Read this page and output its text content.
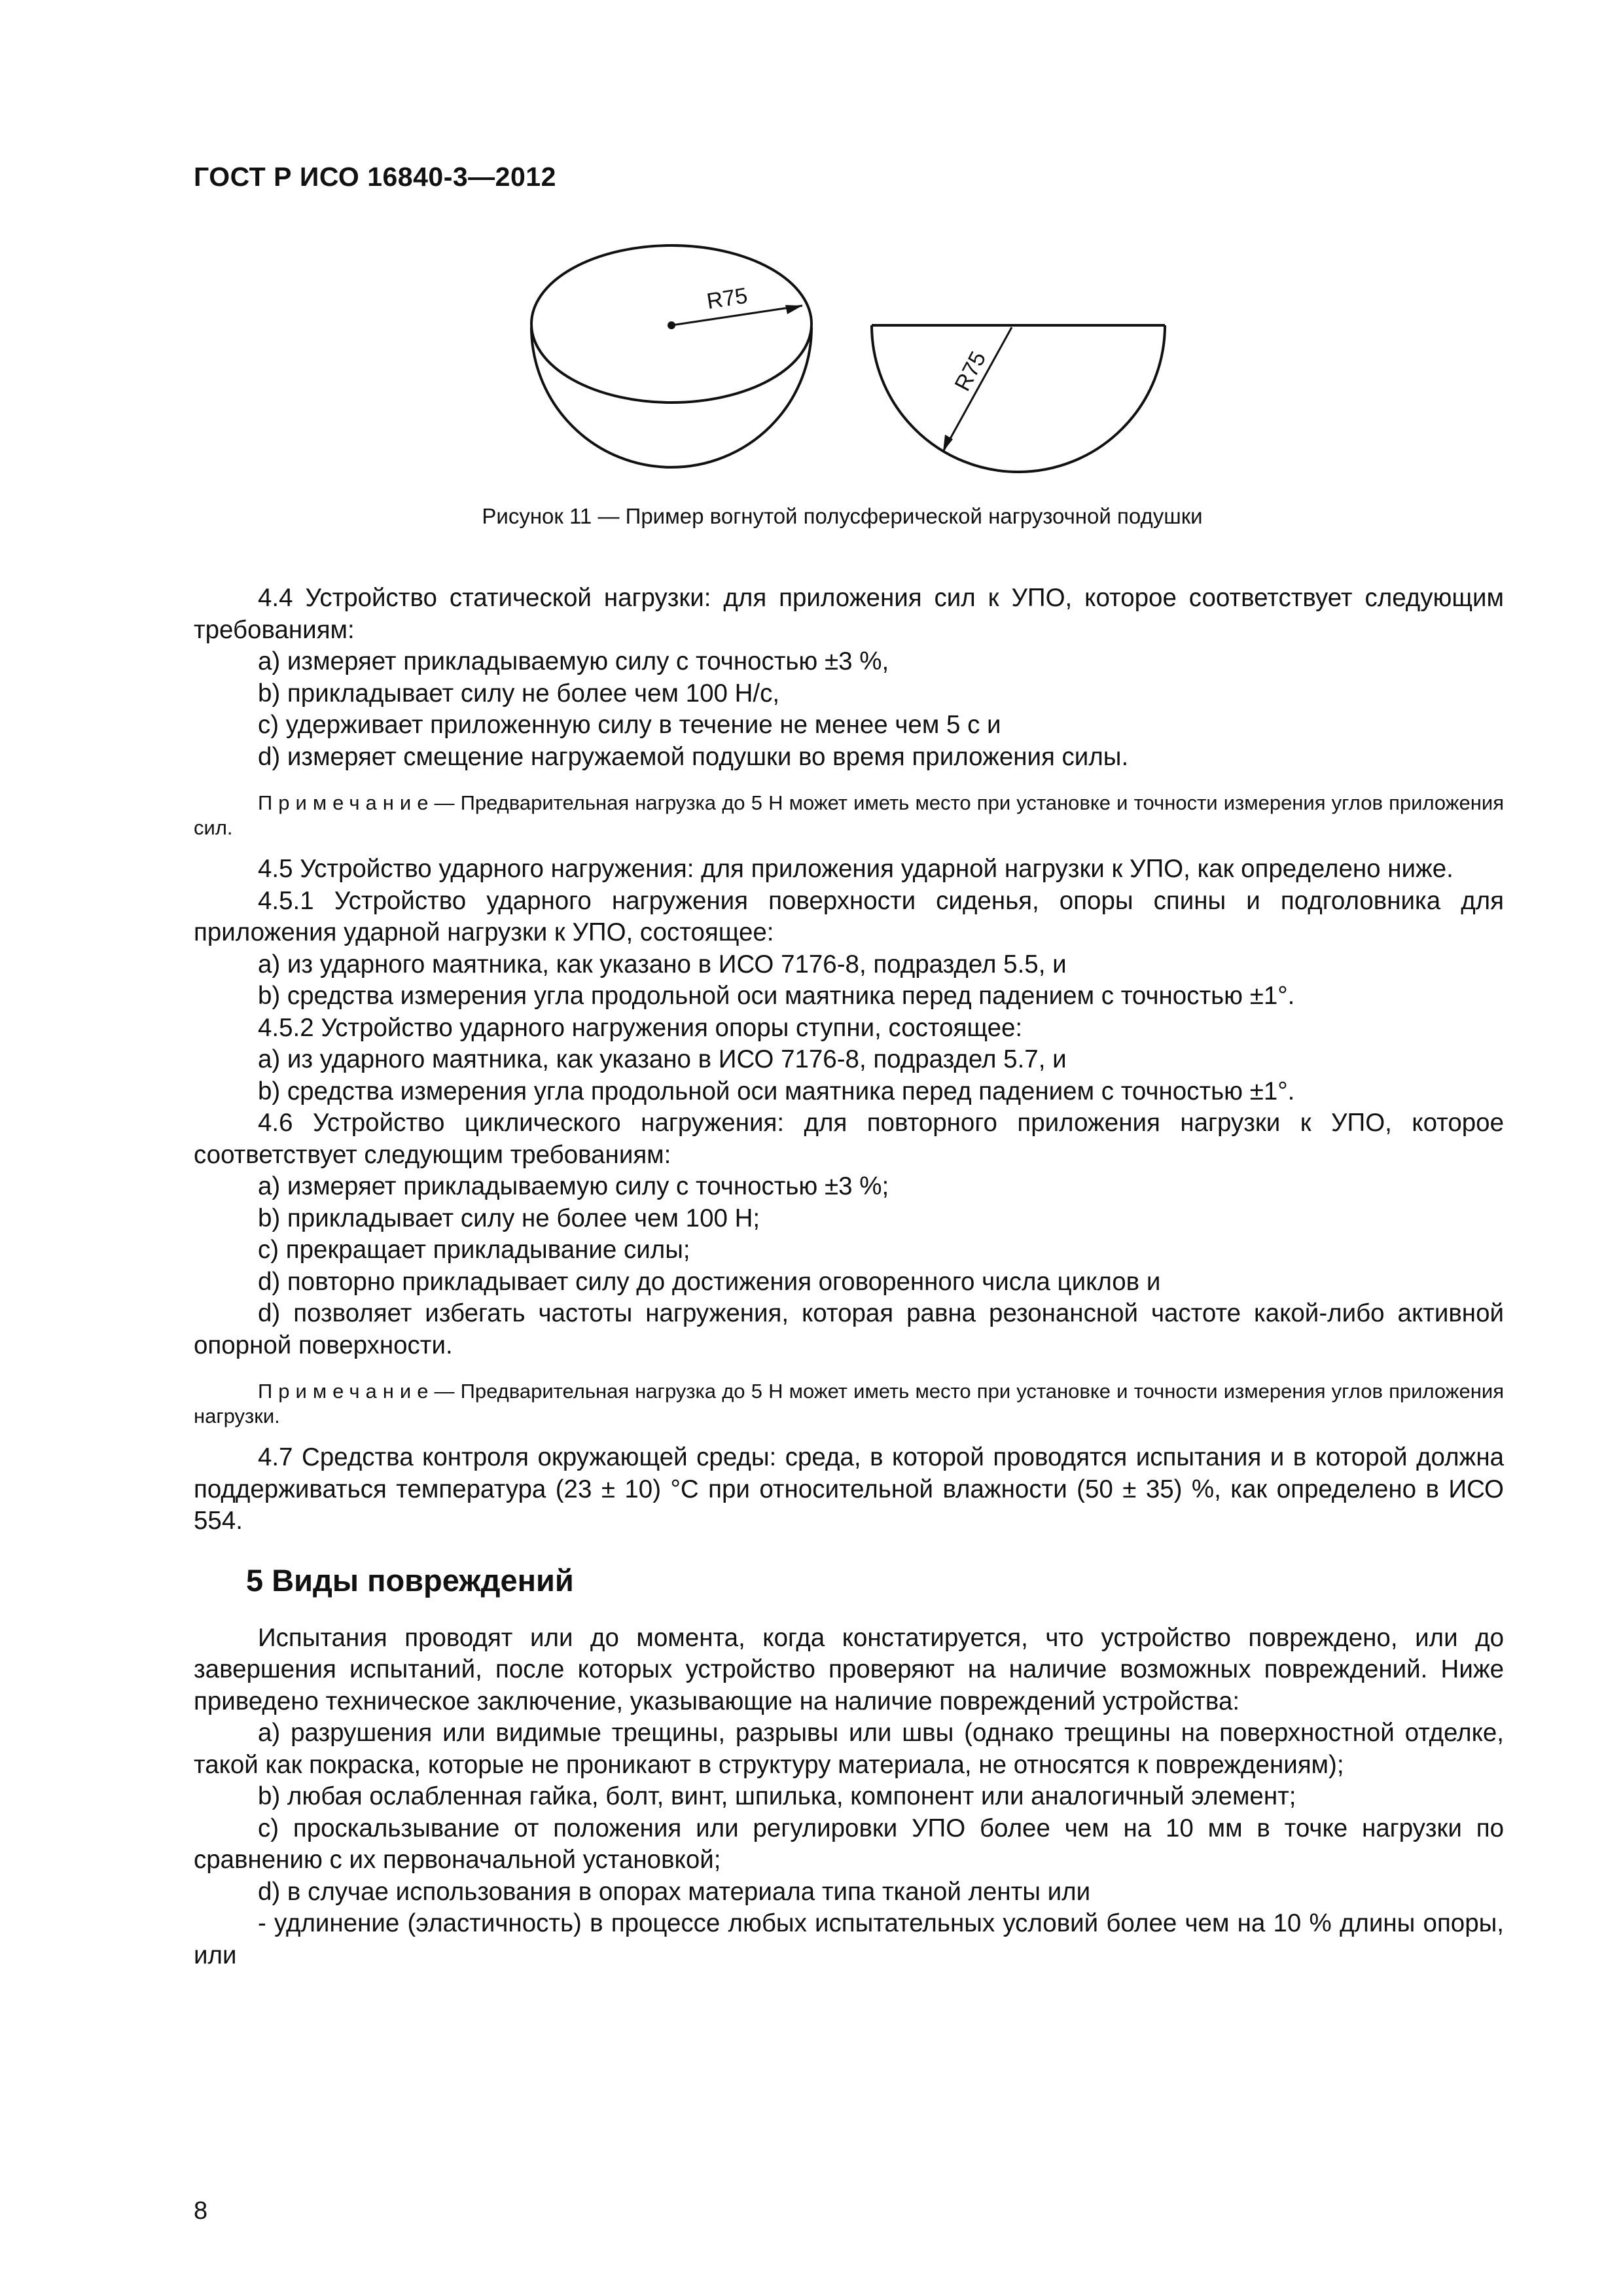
ГОСТ Р ИСО 16840-3—2012
R75
R75
Рисунок 11 — Пример вогнутой полусферической нагрузочной подушки

4.4 Устройство статической нагрузки: для приложения сил к УПО, которое соответствует следующим требованиям:

a) измеряет прикладываемую силу с точностью ±3 %,

b) прикладывает силу не более чем 100 Н/с,

c) удерживает приложенную силу в течение не менее чем 5 с и

d) измеряет смещение нагружаемой подушки во время приложения силы.

Примечание— Предварительная нагрузка до 5 Н может иметь место при установке и точности измерения углов приложения сил.

4.5 Устройство ударного нагружения: для приложения ударной нагрузки к УПО, как определено ниже.

4.5.1 Устройство ударного нагружения поверхности сиденья, опоры спины и подголовника для приложения ударной нагрузки к УПО, состоящее:

a) из ударного маятника, как указано в ИСО 7176-8, подраздел 5.5, и

b) средства измерения угла продольной оси маятника перед падением с точностью ±1°.

4.5.2 Устройство ударного нагружения опоры ступни, состоящее:

a) из ударного маятника, как указано в ИСО 7176-8, подраздел 5.7, и

b) средства измерения угла продольной оси маятника перед падением с точностью ±1°.

4.6 Устройство циклического нагружения: для повторного приложения нагрузки к УПО, которое соответствует следующим требованиям:

a) измеряет прикладываемую силу с точностью ±3 %;

b) прикладывает силу не более чем 100 Н;

c) прекращает прикладывание силы;

d) повторно прикладывает силу до достижения оговоренного числа циклов и

d) позволяет избегать частоты нагружения, которая равна резонансной частоте какой-либо активной опорной поверхности.

Примечание— Предварительная нагрузка до 5 Н может иметь место при установке и точности измерения углов приложения нагрузки.

4.7 Средства контроля окружающей среды: среда, в которой проводятся испытания и в которой должна поддерживаться температура (23 ± 10) °C при относительной влажности (50 ± 35) %, как определено в ИСО 554.

5 Виды повреждений

Испытания проводят или до момента, когда констатируется, что устройство повреждено, или до завершения испытаний, после которых устройство проверяют на наличие возможных повреждений. Ниже приведено техническое заключение, указывающие на наличие повреждений устройства:

a) разрушения или видимые трещины, разрывы или швы (однако трещины на поверхностной отделке, такой как покраска, которые не проникают в структуру материала, не относятся к повреждениям);

b) любая ослабленная гайка, болт, винт, шпилька, компонент или аналогичный элемент;

c) проскальзывание от положения или регулировки УПО более чем на 10 мм в точке нагрузки по сравнению с их первоначальной установкой;

d) в случае использования в опорах материала типа тканой ленты или

- удлинение (эластичность) в процессе любых испытательных условий более чем на 10 % длины опоры, или

8
